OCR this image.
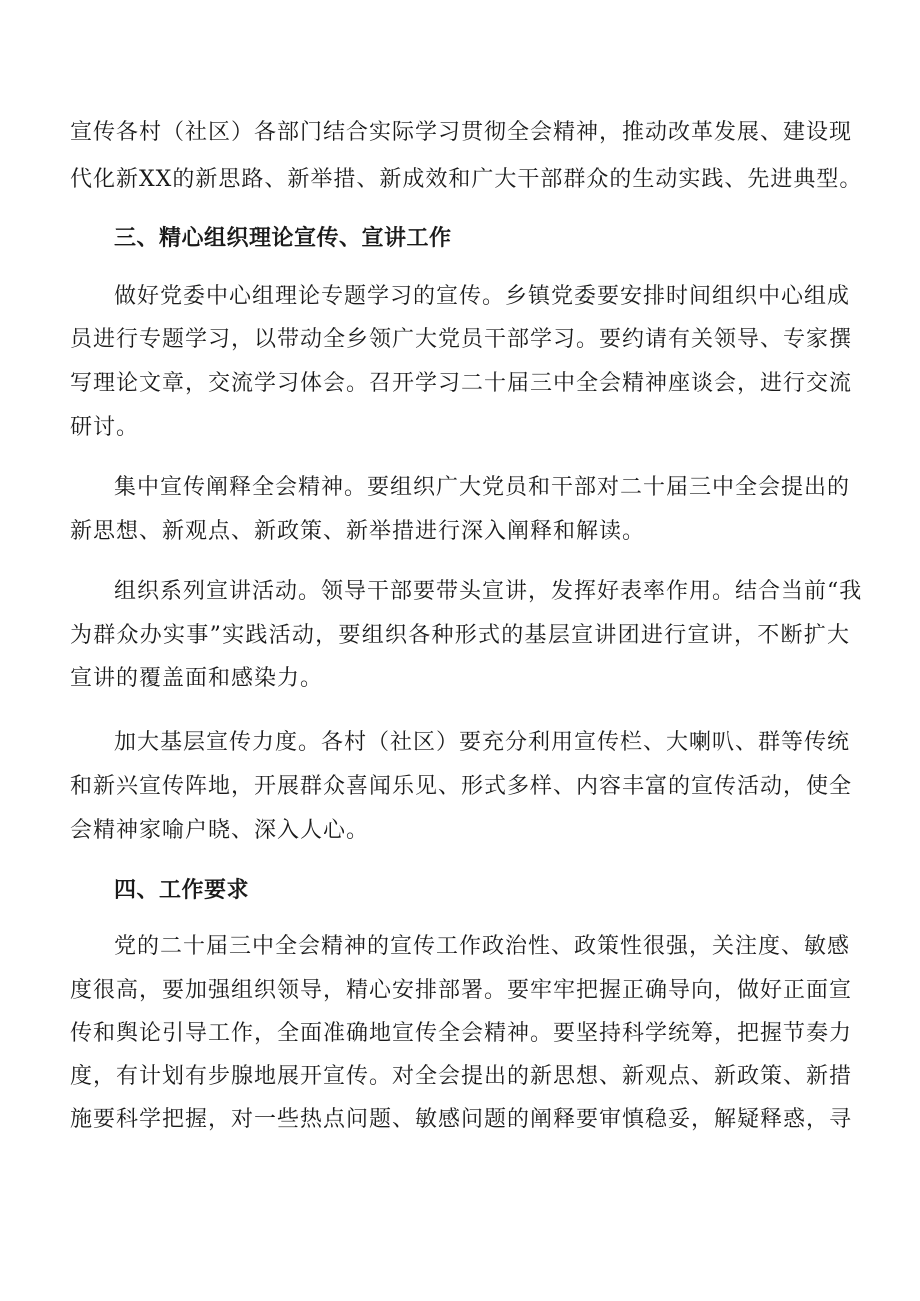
宣传各村（社区）各部门结合实际学习贯彻全会精神，推动改革发展、建设现
代化新XX的新思路、新举措、新成效和广大干部群众的生动实践、先进典型。
三、精心组织理论宣传、宣讲工作
做好党委中心组理论专题学习的宣传。乡镇党委要安排时间组织中心组成
员进行专题学习，以带动全乡领广大党员干部学习。要约请有关领导、专家撰
写理论文章，交流学习体会。召开学习二十届三中全会精神座谈会，进行交流
研讨。
集中宣传阐释全会精神。要组织广大党员和干部对二十届三中全会提出的
新思想、新观点、新政策、新举措进行深入阐释和解读。
组织系列宣讲活动。领导干部要带头宣讲，发挥好表率作用。结合当前“我
为群众办实事”实践活动，要组织各种形式的基层宣讲团进行宣讲，不断扩大
宣讲的覆盖面和感染力。
加大基层宣传力度。各村（社区）要充分利用宣传栏、大喇叭、群等传统
和新兴宣传阵地，开展群众喜闻乐见、形式多样、内容丰富的宣传活动，使全
会精神家喻户晓、深入人心。
四、工作要求
党的二十届三中全会精神的宣传工作政治性、政策性很强，关注度、敏感
度很高，要加强组织领导，精心安排部署。要牢牢把握正确导向，做好正面宣
传和舆论引导工作，全面准确地宣传全会精神。要坚持科学统筹，把握节奏力
度，有计划有步腺地展开宣传。对全会提出的新思想、新观点、新政策、新措
施要科学把握，对一些热点问题、敏感问题的阐释要审慎稳妥，解疑释惑，寻
